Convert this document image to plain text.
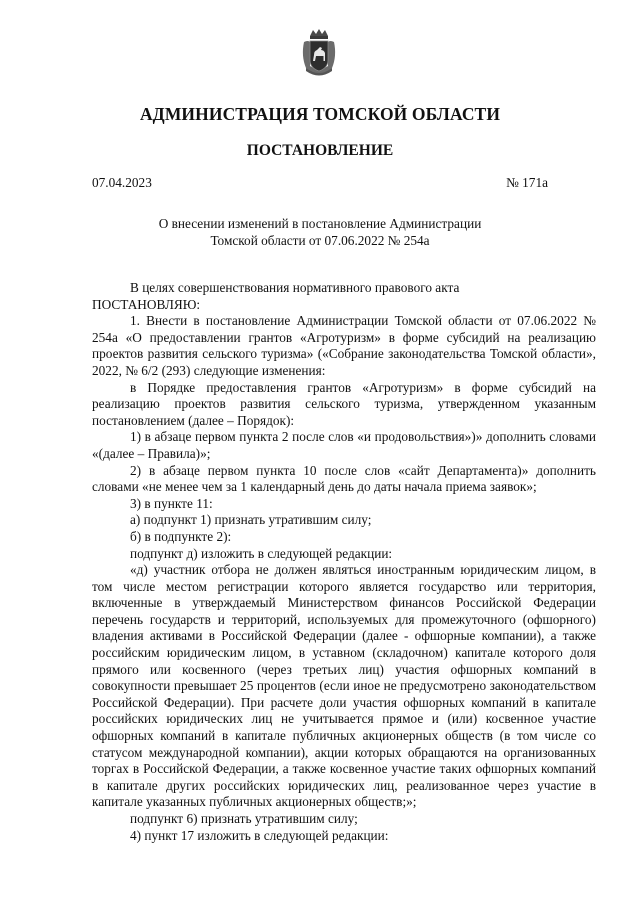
АДМИНИСТРАЦИЯ ТОМСКОЙ ОБЛАСТИ
ПОСТАНОВЛЕНИЕ
07.04.2023	№ 171а
О внесении изменений в постановление Администрации
Томской области от 07.06.2022 № 254а

В целях совершенствования нормативного правового акта

ПОСТАНОВЛЯЮ:

1. Внести в постановление Администрации Томской области от 07.06.2022 № 254а «О предоставлении грантов «Агротуризм» в форме субсидий на реализацию проектов развития сельского туризма» («Собрание законодательства Томской области», 2022, № 6/2 (293) следующие изменения:

в Порядке предоставления грантов «Агротуризм» в форме субсидий на реализацию проектов развития сельского туризма, утвержденном указанным постановлением (далее – Порядок):

1) в абзаце первом пункта 2 после слов «и продовольствия»)» дополнить словами «(далее – Правила)»;

2) в абзаце первом пункта 10 после слов «сайт Департамента)» дополнить словами «не менее чем за 1 календарный день до даты начала приема заявок»;

3) в пункте 11:

а) подпункт 1) признать утратившим силу;

б) в подпункте 2):

подпункт д) изложить в следующей редакции:

«д) участник отбора не должен являться иностранным юридическим лицом, в том числе местом регистрации которого является государство или территория, включенные в утверждаемый Министерством финансов Российской Федерации перечень государств и территорий, используемых для промежуточного (офшорного) владения активами в Российской Федерации (далее - офшорные компании), а также российским юридическим лицом, в уставном (складочном) капитале которого доля прямого или косвенного (через третьих лиц) участия офшорных компаний в совокупности превышает 25 процентов (если иное не предусмотрено законодательством Российской Федерации). При расчете доли участия офшорных компаний в капитале российских юридических лиц не учитывается прямое и (или) косвенное участие офшорных компаний в капитале публичных акционерных обществ (в том числе со статусом международной компании), акции которых обращаются на организованных торгах в Российской Федерации, а также косвенное участие таких офшорных компаний в капитале других российских юридических лиц, реализованное через участие в капитале указанных публичных акционерных обществ;»;

подпункт 6) признать утратившим силу;

4) пункт 17 изложить в следующей редакции:
